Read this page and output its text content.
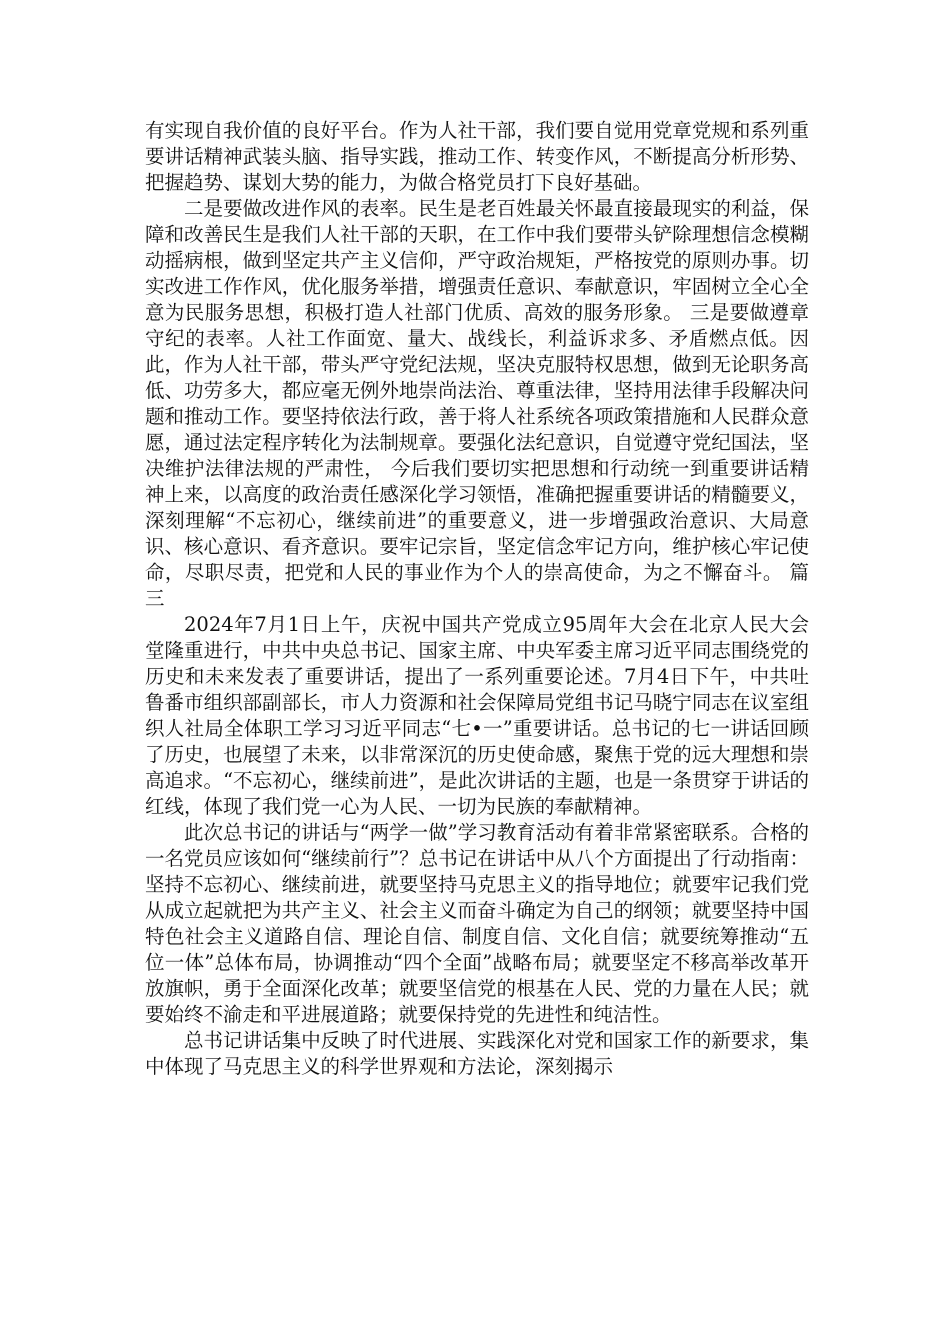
有实现自我价值的良好平台。作为人社干部，我们要自觉用党章党规和系列重要讲话精神武装头脑、指导实践，推动工作、转变作风，不断提高分析形势、把握趋势、谋划大势的能力，为做合格党员打下良好基础。

二是要做改进作风的表率。民生是老百姓最关怀最直接最现实的利益，保障和改善民生是我们人社干部的天职，在工作中我们要带头铲除理想信念模糊动摇病根，做到坚定共产主义信仰，严守政治规矩，严格按党的原则办事。切实改进工作作风，优化服务举措，增强责任意识、奉献意识，牢固树立全心全意为民服务思想，积极打造人社部门优质、高效的服务形象。 三是要做遵章守纪的表率。人社工作面宽、量大、战线长，利益诉求多、矛盾燃点低。因此，作为人社干部，带头严守党纪法规，坚决克服特权思想，做到无论职务高低、功劳多大，都应毫无例外地崇尚法治、尊重法律，坚持用法律手段解决问题和推动工作。要坚持依法行政，善于将人社系统各项政策措施和人民群众意愿，通过法定程序转化为法制规章。要强化法纪意识，自觉遵守党纪国法，坚决维护法律法规的严肃性， 今后我们要切实把思想和行动统一到重要讲话精神上来，以高度的政治责任感深化学习领悟，准确把握重要讲话的精髓要义，深刻理解“不忘初心，继续前进”的重要意义，进一步增强政治意识、大局意识、核心意识、看齐意识。要牢记宗旨，坚定信念牢记方向，维护核心牢记使命，尽职尽责，把党和人民的事业作为个人的崇高使命，为之不懈奋斗。 篇三

2024年7月1日上午，庆祝中国共产党成立95周年大会在北京人民大会堂隆重进行，中共中央总书记、国家主席、中央军委主席习近平同志围绕党的历史和未来发表了重要讲话，提出了一系列重要论述。7月4日下午，中共吐鲁番市组织部副部长，市人力资源和社会保障局党组书记马晓宁同志在议室组织人社局全体职工学习习近平同志“七•一”重要讲话。总书记的七一讲话回顾了历史，也展望了未来，以非常深沉的历史使命感，聚焦于党的远大理想和崇高追求。“不忘初心，继续前进”，是此次讲话的主题，也是一条贯穿于讲话的红线，体现了我们党一心为人民、一切为民族的奉献精神。

此次总书记的讲话与“两学一做”学习教育活动有着非常紧密联系。合格的一名党员应该如何“继续前行”？总书记在讲话中从八个方面提出了行动指南：坚持不忘初心、继续前进，就要坚持马克思主义的指导地位；就要牢记我们党从成立起就把为共产主义、社会主义而奋斗确定为自己的纲领；就要坚持中国特色社会主义道路自信、理论自信、制度自信、文化自信；就要统筹推动“五位一体”总体布局，协调推动“四个全面”战略布局；就要坚定不移高举改革开放旗帜，勇于全面深化改革；就要坚信党的根基在人民、党的力量在人民；就要始终不渝走和平进展道路；就要保持党的先进性和纯洁性。

总书记讲话集中反映了时代进展、实践深化对党和国家工作的新要求，集中体现了马克思主义的科学世界观和方法论，深刻揭示
